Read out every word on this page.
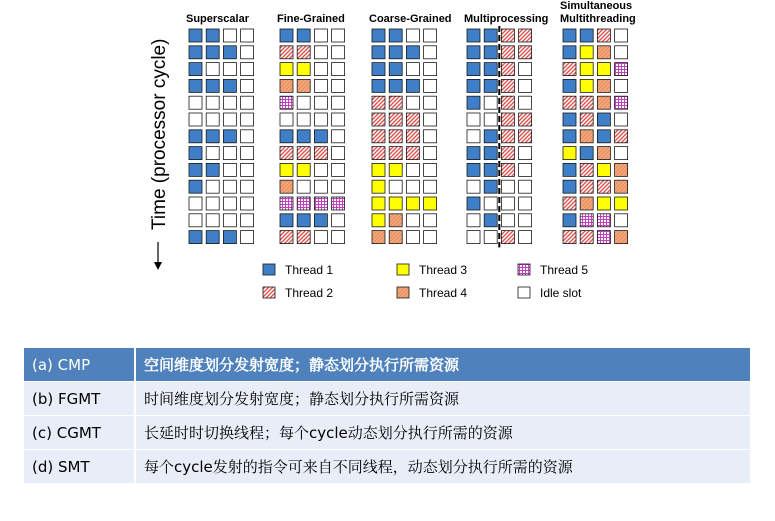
Time (processor cycle)
Superscalar	Fine-Grained Coarse-Grained Multiprocessing
Simultaneous
Multithreading
Thread 1	Thread 3	Thread 5
Thread 2	Thread 4	Idle slot
(a) CMP	空间维度划分发射宽度；静态划分执行所需资源
(b) FGMT	时间维度划分发射宽度；静态划分执行所需资源
(c) CGMT	长延时时切换线程；每个cycle动态划分执行所需的资源
(d) SMT	每个cycle发射的指令可来自不同线程，动态划分执行所需的资源
